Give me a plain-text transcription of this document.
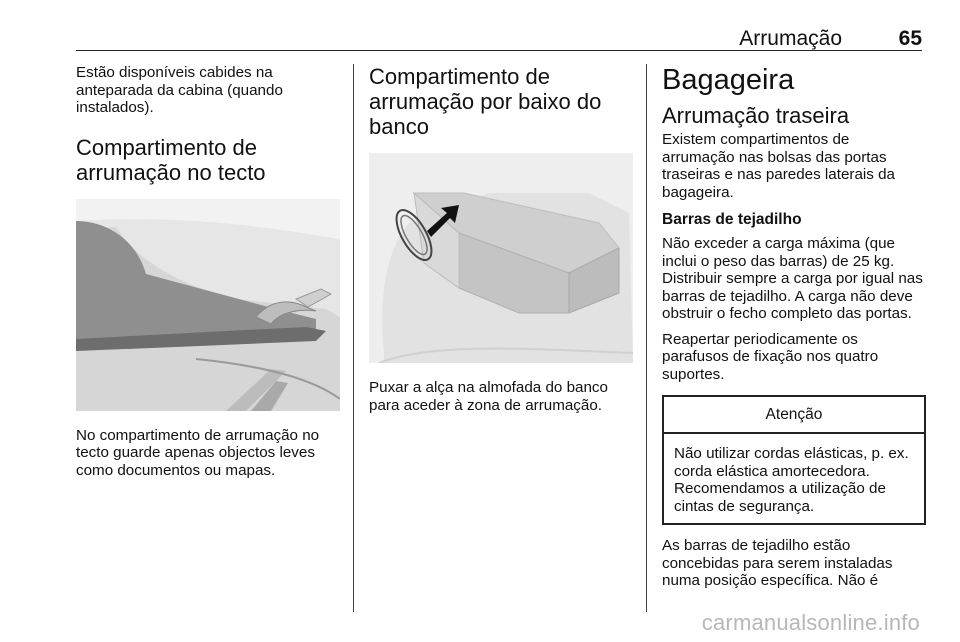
Arrumação	65

Estão disponíveis cabides na anteparada da cabina (quando instalados).

Compartimento de arrumação no tecto

No compartimento de arrumação no tecto guarde apenas objectos leves como documentos ou mapas.

Compartimento de arrumação por baixo do banco

Puxar a alça na almofada do banco para aceder à zona de arrumação.

Bagageira
Arrumação traseira

Existem compartimentos de arrumação nas bolsas das portas traseiras e nas paredes laterais da bagageira.

Barras de tejadilho

Não exceder a carga máxima (que inclui o peso das barras) de 25 kg. Distribuir sempre a carga por igual nas barras de tejadilho. A carga não deve obstruir o fecho completo das portas.

Reapertar periodicamente os parafusos de fixação nos quatro suportes.

Atenção

Não utilizar cordas elásticas, p. ex. corda elástica amortecedora. Recomendamos a utilização de cintas de segurança.

As barras de tejadilho estão concebidas para serem instaladas numa posição específica. Não é

carmanualsonline.info
